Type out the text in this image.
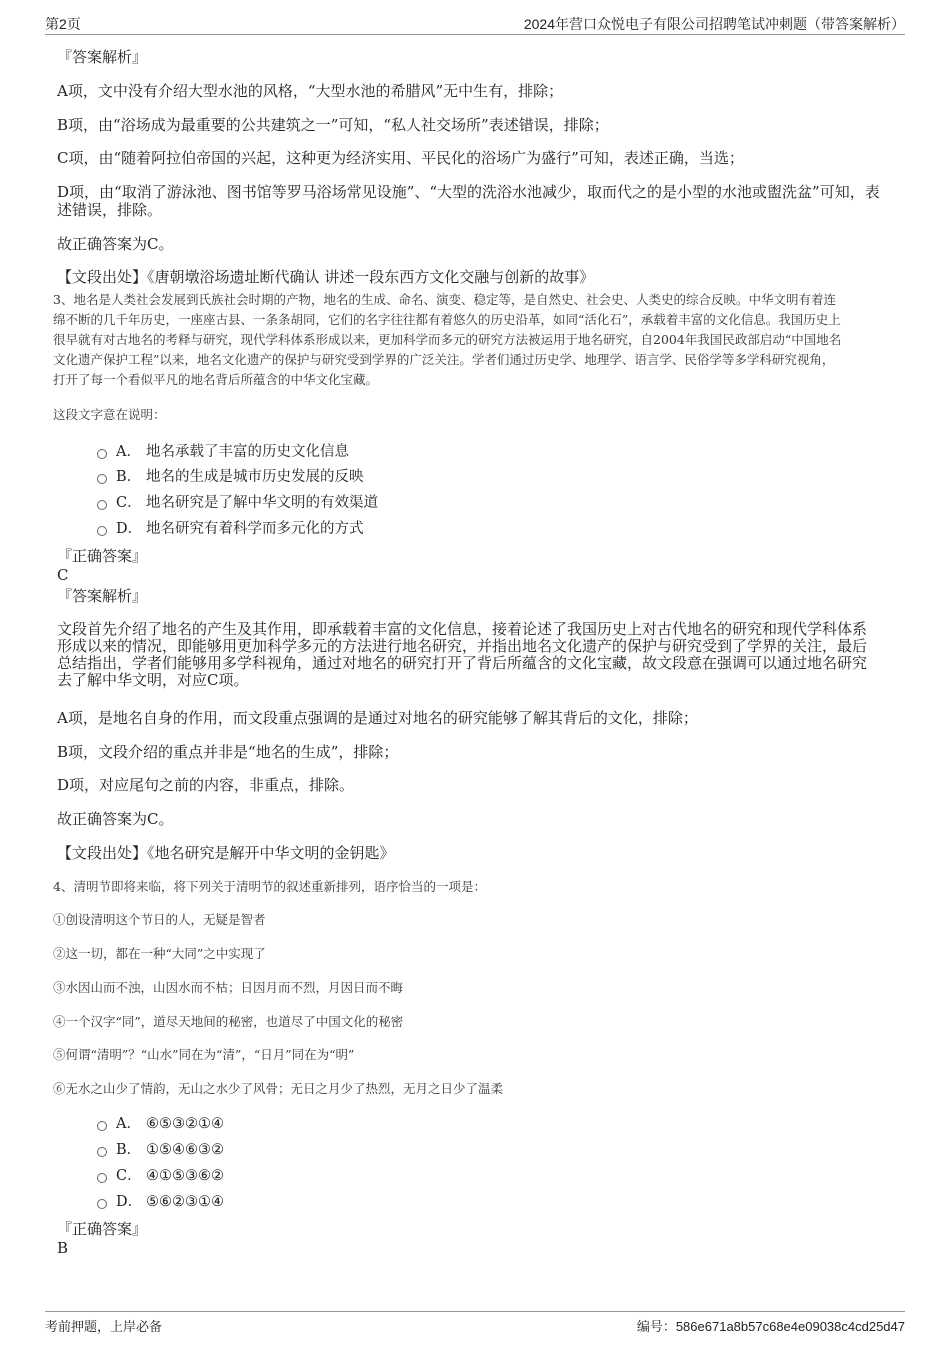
第2页	2024年营口众悦电子有限公司招聘笔试冲刺题（带答案解析）
『答案解析』
A项，文中没有介绍大型水池的风格，“大型水池的希腊风”无中生有，排除；
B项，由“浴场成为最重要的公共建筑之一”可知，“私人社交场所”表述错误，排除；
C项，由“随着阿拉伯帝国的兴起，这种更为经济实用、平民化的浴场广为盛行”可知，表述正确，当选；
D项，由“取消了游泳池、图书馆等罗马浴场常见设施”、“大型的洗浴水池减少，取而代之的是小型的水池或盥洗盆”可知，表
述错误，排除。
故正确答案为C。
【文段出处】《唐朝墩浴场遗址断代确认 讲述一段东西方文化交融与创新的故事》
3、地名是人类社会发展到氏族社会时期的产物，地名的生成、命名、演变、稳定等，是自然史、社会史、人类史的综合反映。中华文明有着连
绵不断的几千年历史，一座座古县、一条条胡同，它们的名字往往都有着悠久的历史沿革，如同“活化石”，承载着丰富的文化信息。我国历史上
很早就有对古地名的考释与研究，现代学科体系形成以来，更加科学而多元的研究方法被运用于地名研究，自2004年我国民政部启动“中国地名
文化遗产保护工程”以来，地名文化遗产的保护与研究受到学界的广泛关注。学者们通过历史学、地理学、语言学、民俗学等多学科研究视角，
打开了每一个看似平凡的地名背后所蕴含的中华文化宝藏。
这段文字意在说明：
A． 地名承载了丰富的历史文化信息
B． 地名的生成是城市历史发展的反映
C． 地名研究是了解中华文明的有效渠道
D． 地名研究有着科学而多元化的方式
『正确答案』
C
『答案解析』
文段首先介绍了地名的产生及其作用，即承载着丰富的文化信息，接着论述了我国历史上对古代地名的研究和现代学科体系
形成以来的情况，即能够用更加科学多元的方法进行地名研究，并指出地名文化遗产的保护与研究受到了学界的关注，最后
总结指出，学者们能够用多学科视角，通过对地名的研究打开了背后所蕴含的文化宝藏，故文段意在强调可以通过地名研究
去了解中华文明，对应C项。
A项，是地名自身的作用，而文段重点强调的是通过对地名的研究能够了解其背后的文化，排除；
B项，文段介绍的重点并非是“地名的生成”，排除；
D项，对应尾句之前的内容，非重点，排除。
故正确答案为C。
【文段出处】《地名研究是解开中华文明的金钥匙》
4、清明节即将来临，将下列关于清明节的叙述重新排列，语序恰当的一项是：
①创设清明这个节日的人，无疑是智者
②这一切，都在一种“大同”之中实现了
③水因山而不浊，山因水而不枯；日因月而不烈，月因日而不晦
④一个汉字“同”，道尽天地间的秘密，也道尽了中国文化的秘密
⑤何谓“清明”？“山水”同在为“清”，“日月”同在为“明”
⑥无水之山少了情韵，无山之水少了风骨；无日之月少了热烈，无月之日少了温柔
A． ⑥⑤③②①④
B． ①⑤④⑥③②
C． ④①⑤③⑥②
D． ⑤⑥②③①④
『正确答案』
B
考前押题，上岸必备	编号：586e671a8b57c68e4e09038c4cd25d47
